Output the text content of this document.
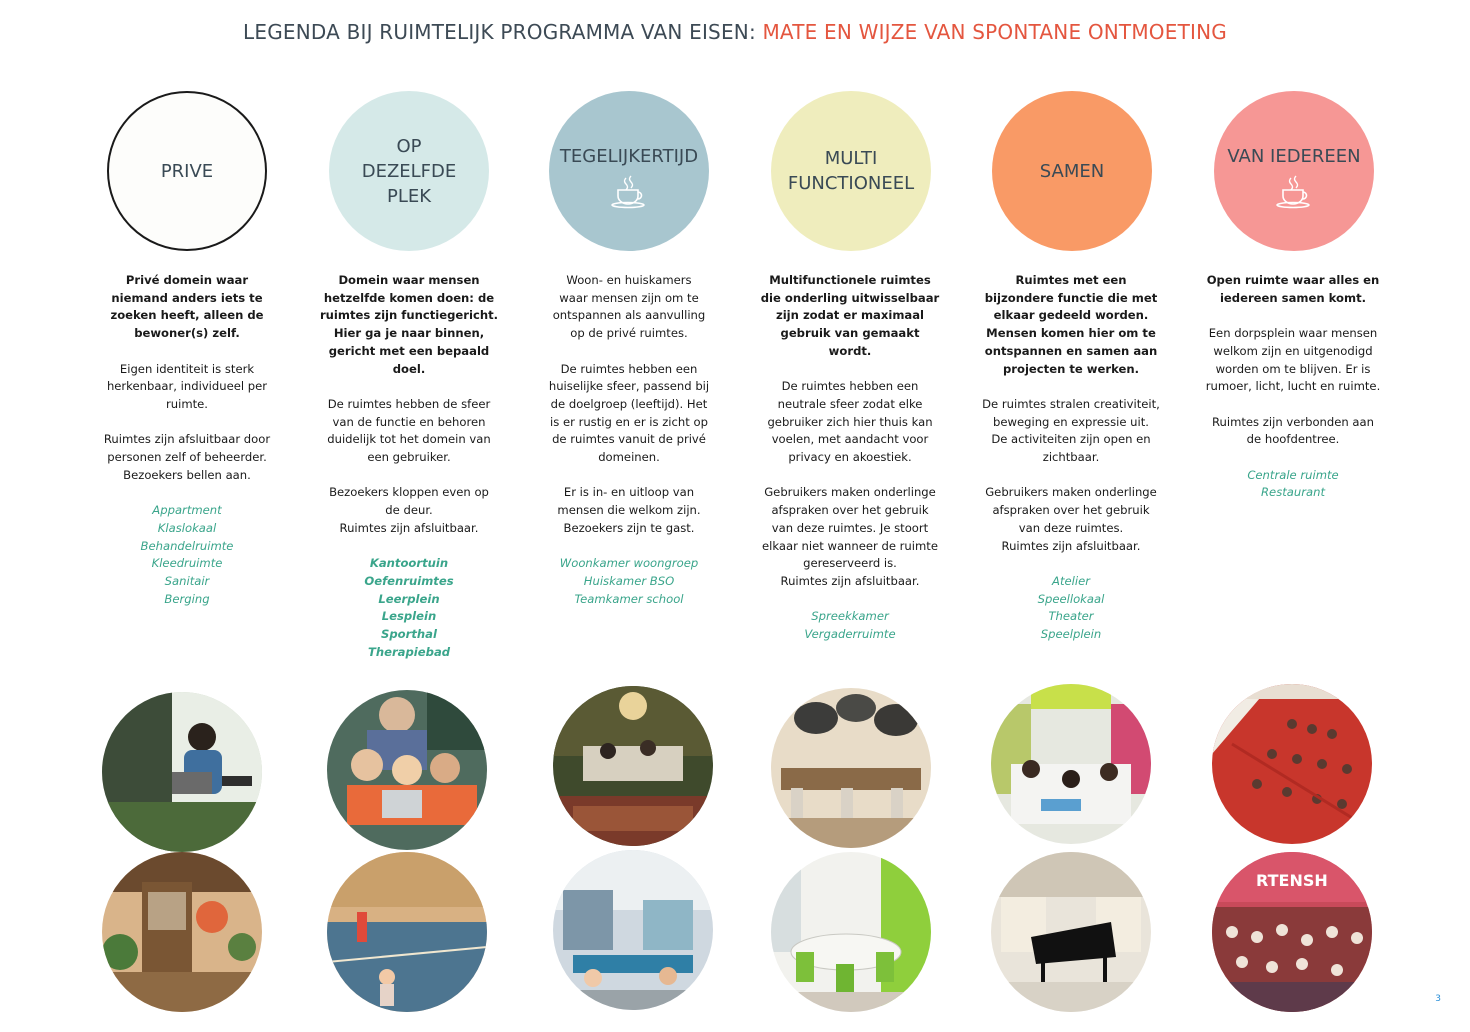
LEGENDA BIJ RUIMTELIJK PROGRAMMA VAN EISEN: MATE EN WIJZE VAN SPONTANE ONTMOETING
PRIVE
Privé domein waar
niemand anders iets te
zoeken heeft, alleen de
bewoner(s) zelf.
Eigen identiteit is sterk
herkenbaar, individueel per
ruimte.
Ruimtes zijn afsluitbaar door
personen zelf of beheerder.
Bezoekers bellen aan.
Appartment
Klaslokaal
Behandelruimte
Kleedruimte
Sanitair
Berging
OP
DEZELFDE
PLEK
Domein waar mensen
hetzelfde komen doen: de
ruimtes zijn functiegericht.
Hier ga je naar binnen,
gericht met een bepaald
doel.
De ruimtes hebben de sfeer
van de functie en behoren
duidelijk tot het domein van
een gebruiker.
Bezoekers kloppen even op
de deur.
Ruimtes zijn afsluitbaar.
Kantoortuin
Oefenruimtes
Leerplein
Lesplein
Sporthal
Therapiebad
TEGELIJKERTIJD
Woon- en huiskamers
waar mensen zijn om te
ontspannen als aanvulling
op de privé ruimtes.
De ruimtes hebben een
huiselijke sfeer, passend bij
de doelgroep (leeftijd). Het
is er rustig en er is zicht op
de ruimtes vanuit de privé
domeinen.
Er is in- en uitloop van
mensen die welkom zijn.
Bezoekers zijn te gast.
Woonkamer woongroep
Huiskamer BSO
Teamkamer school
MULTI
FUNCTIONEEL
Multifunctionele ruimtes
die onderling uitwisselbaar
zijn zodat er maximaal
gebruik van gemaakt
wordt.
De ruimtes hebben een
neutrale sfeer zodat elke
gebruiker zich hier thuis kan
voelen, met aandacht voor
privacy en akoestiek.
Gebruikers maken onderlinge
afspraken over het gebruik
van deze ruimtes. Je stoort
elkaar niet wanneer de ruimte
gereserveerd is.
Ruimtes zijn afsluitbaar.
Spreekkamer
Vergaderruimte
SAMEN
Ruimtes met een
bijzondere functie die met
elkaar gedeeld worden.
Mensen komen hier om te
ontspannen en samen aan
projecten te werken.
De ruimtes stralen creativiteit,
beweging en expressie uit.
De activiteiten zijn open en
zichtbaar.
Gebruikers maken onderlinge
afspraken over het gebruik
van deze ruimtes.
Ruimtes zijn afsluitbaar.
Atelier
Speellokaal
Theater
Speelplein
VAN IEDEREEN
Open ruimte waar alles en
iedereen samen komt.
Een dorpsplein waar mensen
welkom zijn en uitgenodigd
worden om te blijven. Er is
rumoer, licht, lucht en ruimte.
Ruimtes zijn verbonden aan
de hoofdentree.
Centrale ruimte
Restaurant
RTENSH
3
